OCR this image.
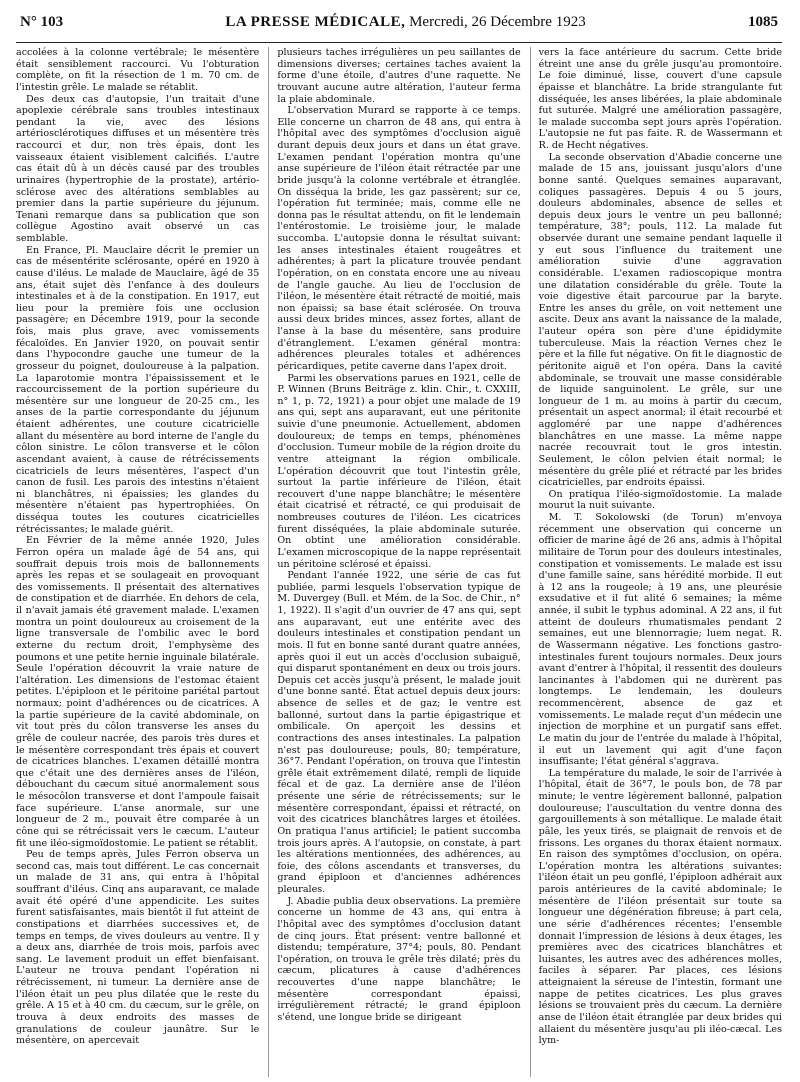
N° 103	LA PRESSE MÉDICALE, Mercredi, 26 Décembre 1923	1085

accolées à la colonne vertébrale; le mésentère était sensiblement raccourci. Vu l'obturation complète, on fit la résection de 1 m. 70 cm. de l'intestin grêle. Le malade se rétablit.

Des deux cas d'autopsie, l'un traitait d'une apoplexie cérébrale sans troubles intestinaux pendant la vie, avec des lésions artériosclérotiques diffuses et un mésentère très raccourci et dur, non très épais, dont les vaisseaux étaient visiblement calcifiés. L'autre cas était dû à un décès causé par des troubles urinaires (hypertrophie de la prostate), artério-sclérose avec des altérations semblables au premier dans la partie supérieure du jéjunum. Tenani remarque dans sa publication que son collègue Agostino avait observé un cas semblable.

En France, Pl. Mauclaire décrit le premier un cas de mésentérite sclérosante, opéré en 1920 à cause d'iléus. Le malade de Mauclaire, âgé de 35 ans, était sujet dès l'enfance à des douleurs intestinales et à de la constipation. En 1917, eut lieu pour la première fois une occlusion passagère; en Décembre 1919, pour la seconde fois, mais plus grave, avec vomissements fécaloïdes. En Janvier 1920, on pouvait sentir dans l'hypocondre gauche une tumeur de la grosseur du poignet, douloureuse à la palpation. La laparotomie montra l'épaississement et le raccourcissement de la portion supérieure du mésentère sur une longueur de 20-25 cm., les anses de la partie correspondante du jéjunum étaient adhérentes, une couture cicatricielle allant du mésentère au bord interne de l'angle du côlon sinistre. Le côlon transverse et le côlon ascendant avaient, à cause de rétrécissements cicatriciels de leurs mésentères, l'aspect d'un canon de fusil. Les parois des intestins n'étaient ni blanchâtres, ni épaissies; les glandes du mésentère n'étaient pas hypertrophiées. On disséqua toutes les coutures cicatricielles rétrécissantes; le malade guérit.

En Février de la même année 1920, Jules Ferron opéra un malade âgé de 54 ans, qui souffrait depuis trois mois de ballonnements après les repas et se soulageait en provoquant des vomissements. Il présentait des alternatives de constipation et de diarrhée. En dehors de cela, il n'avait jamais été gravement malade. L'examen montra un point douloureux au croisement de la ligne transversale de l'ombilic avec le bord externe du rectum droit, l'emphysème des poumons et une petite hernie inguinale bilatérale. Seule l'opération découvrit la vraie nature de l'altération. Les dimensions de l'estomac étaient petites. L'épiploon et le péritoine pariétal partout normaux; point d'adhérences ou de cicatrices. A la partie supérieure de la cavité abdominale, on vit tout près du côlon transverse les anses du grêle de couleur nacrée, des parois très dures et le mésentère correspondant très épais et couvert de cicatrices blanches. L'examen détaillé montra que c'était une des dernières anses de l'iléon, débouchant du cæcum situé anormalement sous le mésocôlon transverse et dont l'ampoule faisait face supérieure. L'anse anormale, sur une longueur de 2 m., pouvait être comparée à un cône qui se rétrécissait vers le cæcum. L'auteur fit une iléo-sigmoïdostomie. Le patient se rétablit.

Peu de temps après, Jules Ferron observa un second cas, mais tout différent. Le cas concernait un malade de 31 ans, qui entra à l'hôpital souffrant d'iléus. Cinq ans auparavant, ce malade avait été opéré d'une appendicite. Les suites furent satisfaisantes, mais bientôt il fut atteint de constipations et diarrhées successives et, de temps en temps, de vives douleurs au ventre. Il y a deux ans, diarrhée de trois mois, parfois avec sang. Le lavement produit un effet bienfaisant. L'auteur ne trouva pendant l'opération ni rétrécissement, ni tumeur. La dernière anse de l'iléon était un peu plus dilatée que le reste du grêle. A 15 et à 40 cm. du cæcum, sur le grêle, on trouva à deux endroits des masses de granulations de couleur jaunâtre. Sur le mésentère, on apercevait

plusieurs taches irrégulières un peu saillantes de dimensions diverses; certaines taches avaient la forme d'une étoile, d'autres d'une raquette. Ne trouvant aucune autre altération, l'auteur ferma la plaie abdominale.

L'observation Murard se rapporte à ce temps. Elle concerne un charron de 48 ans, qui entra à l'hôpital avec des symptômes d'occlusion aiguë durant depuis deux jours et dans un état grave. L'examen pendant l'opération montra qu'une anse supérieure de l'iléon était rétractée par une bride jusqu'à la colonne vertébrale et étranglée. On disséqua la bride, les gaz passèrent; sur ce, l'opération fut terminée; mais, comme elle ne donna pas le résultat attendu, on fit le lendemain l'entérostomie. Le troisième jour, le malade succomba. L'autopsie donna le résultat suivant: les anses intestinales étaient rougeâtres et adhérentes; à part la plicature trouvée pendant l'opération, on en constata encore une au niveau de l'angle gauche. Au lieu de l'occlusion de l'iléon, le mésentère était rétracté de moitié, mais non épaissi; sa base était sclérosée. On trouva aussi deux brides minces, assez fortes, allant de l'anse à la base du mésentère, sans produire d'étranglement. L'examen général montra: adhérences pleurales totales et adhérences péricardiques, petite caverne dans l'apex droit.

Parmi les observations parues en 1921, celle de P. Winnen (Bruns Beiträge z. klin. Chir., t. CXXIII, n° 1, p. 72, 1921) a pour objet une malade de 19 ans qui, sept ans auparavant, eut une péritonite suivie d'une pneumonie. Actuellement, abdomen douloureux; de temps en temps, phénomènes d'occlusion. Tumeur mobile de la région droite du ventre atteignant la région ombilicale. L'opération découvrit que tout l'intestin grêle, surtout la partie inférieure de l'iléon, était recouvert d'une nappe blanchâtre; le mésentère était cicatrisé et rétracté, ce qui produisait de nombreuses coutures de l'iléon. Les cicatrices furent disséquées, la plaie abdominale suturée. On obtint une amélioration considérable. L'examen microscopique de la nappe représentait un péritoine sclérosé et épaissi.

Pendant l'année 1922, une série de cas fut publiée, parmi lesquels l'observation typique de M. Duvergey (Bull. et Mém. de la Soc. de Chir., n° 1, 1922). Il s'agit d'un ouvrier de 47 ans qui, sept ans auparavant, eut une entérite avec des douleurs intestinales et constipation pendant un mois. Il fut en bonne santé durant quatre années, après quoi il eut un accès d'occlusion subaiguë, qui disparut spontanément en deux ou trois jours. Depuis cet accès jusqu'à présent, le malade jouit d'une bonne santé. État actuel depuis deux jours: absence de selles et de gaz; le ventre est ballonné, surtout dans la partie épigastrique et ombilicale. On aperçoit les dessins et contractions des anses intestinales. La palpation n'est pas douloureuse; pouls, 80; température, 36°7. Pendant l'opération, on trouva que l'intestin grêle était extrêmement dilaté, rempli de liquide fécal et de gaz. La dernière anse de l'iléon présente une série de rétrécissements; sur le mésentère correspondant, épaissi et rétracté, on voit des cicatrices blanchâtres larges et étoilées. On pratiqua l'anus artificiel; le patient succomba trois jours après. A l'autopsie, on constate, à part les altérations mentionnées, des adhérences, au foie, des côlons ascendants et transverses, du grand épiploon et d'anciennes adhérences pleurales.

J. Abadie publia deux observations. La première concerne un homme de 43 ans, qui entra à l'hôpital avec des symptômes d'occlusion datant de cinq jours. État présent: ventre ballonné et distendu; température, 37°4; pouls, 80. Pendant l'opération, on trouva le grêle très dilaté; près du cæcum, plicatures à cause d'adhérences recouvertes d'une nappe blanchâtre; le mésentère correspondant épaissi, irrégulièrement rétracté; le grand épiploon s'étend, une longue bride se dirigeant

vers la face antérieure du sacrum. Cette bride étreint une anse du grêle jusqu'au promontoire. Le foie diminué, lisse, couvert d'une capsule épaisse et blanchâtre. La bride strangulante fut disséquée, les anses libérées, la plaie abdominale fut suturée. Malgré une amélioration passagère, le malade succomba sept jours après l'opération. L'autopsie ne fut pas faite. R. de Wassermann et R. de Hecht négatives.

La seconde observation d'Abadie concerne une malade de 15 ans, jouissant jusqu'alors d'une bonne santé. Quelques semaines auparavant, coliques passagères. Depuis 4 ou 5 jours, douleurs abdominales, absence de selles et depuis deux jours le ventre un peu ballonné; température, 38°; pouls, 112. La malade fut observée durant une semaine pendant laquelle il y eut sous l'influence du traitement une amélioration suivie d'une aggravation considérable. L'examen radioscopique montra une dilatation considérable du grêle. Toute la voie digestive était parcourue par la baryte. Entre les anses du grêle, on voit nettement une ascite. Deux ans avant la naissance de la malade, l'auteur opéra son père d'une épididymite tuberculeuse. Mais la réaction Vernes chez le père et la fille fut négative. On fit le diagnostic de péritonite aiguë et l'on opéra. Dans la cavité abdominale, se trouvait une masse considérable de liquide sanguinolent. Le grêle, sur une longueur de 1 m. au moins à partir du cæcum, présentait un aspect anormal; il était recourbé et aggloméré par une nappe d'adhérences blanchâtres en une masse. La même nappe nacrée recouvrait tout le gros intestin. Seulement, le côlon pelvien était normal; le mésentère du grêle plié et rétracté par les brides cicatricielles, par endroits épaissi.

On pratiqua l'iléo-sigmoïdostomie. La malade mourut la nuit suivante.

M. T. Sokolowski (de Torun) m'envoya récemment une observation qui concerne un officier de marine âgé de 26 ans, admis à l'hôpital militaire de Torun pour des douleurs intestinales, constipation et vomissements. Le malade est issu d'une famille saine, sans hérédité morbide. Il eut à 12 ans la rougeole; à 19 ans, une pleurésie exsudative et il fut alité 6 semaines; la même année, il subit le typhus adominal. A 22 ans, il fut atteint de douleurs rhumatismales pendant 2 semaines, eut une blennorragie; luem negat. R. de Wassermann négative. Les fonctions gastro-intestinales furent toujours normales. Deux jours avant d'entrer à l'hôpital, il ressentit des douleurs lancinantes à l'abdomen qui ne durèrent pas longtemps. Le lendemain, les douleurs recommencèrent, absence de gaz et vomissements. Le malade reçut d'un médecin une injection de morphine et un purgatif sans effet. Le matin du jour de l'entrée du malade à l'hôpital, il eut un lavement qui agit d'une façon insuffisante; l'état général s'aggrava.

La température du malade, le soir de l'arrivée à l'hôpital, était de 36°7, le pouls bon, de 78 par minute; le ventre légèrement ballonné, palpation douloureuse; l'auscultation du ventre donna des gargouillements à son métallique. Le malade était pâle, les yeux tirés, se plaignait de renvois et de frissons. Les organes du thorax étaient normaux. En raison des symptômes d'occlusion, on opéra. L'opération montra les altérations suivantes: l'iléon était un peu gonflé, l'épiploon adhérait aux parois antérieures de la cavité abdominale; le mésentère de l'iléon présentait sur toute sa longueur une dégénération fibreuse; à part cela, une série d'adhérences récentes; l'ensemble donnait l'impression de lésions à deux étages, les premières avec des cicatrices blanchâtres et luisantes, les autres avec des adhérences molles, faciles à séparer. Par places, ces lésions atteignaient la séreuse de l'intestin, formant une nappe de petites cicatrices. Les plus graves lésions se trouvaient près du cæcum. La dernière anse de l'iléon était étranglée par deux brides qui allaient du mésentère jusqu'au pli iléo-cæcal. Les lym-
